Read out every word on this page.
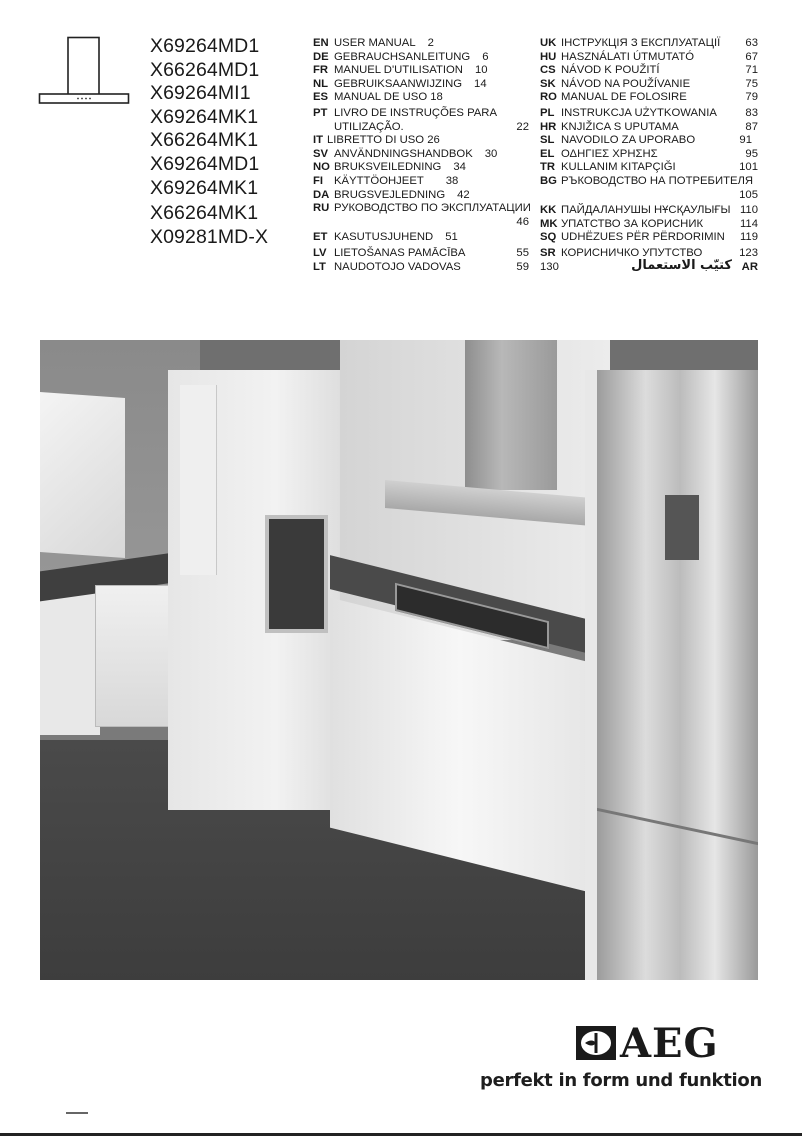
X69264MD1
X66264MD1
X69264MI1
X69264MK1
X66264MK1
X69264MD1
X69264MK1
X66264MK1
X09281MD-X
EN USER MANUAL 2
DE GEBRAUCHSANLEITUNG 6
FR MANUEL D'UTILISATION 10
NL GEBRUIKSAANWIJZING 14
ES MANUAL DE USO 18
PT LIVRO DE INSTRUÇÕES PARA
UTILIZAÇÃO.	22
IT LIBRETTO DI USO 26
SV ANVÄNDNINGSHANDBOK 30
NO BRUKSVEILEDNING 34
FI KÄYTTÖOHJEET 38
DA BRUGSVEJLEDNING 42
RU РУКОВОДСТВО ПО ЭКСПЛУАТАЦИИ
46
ET KASUTUSJUHEND 51
LV LIETOŠANAS PAMĀCĪBA	55
LT NAUDOTOJO VADOVAS	59
UK ІНСТРУКЦІЯ З ЕКСПЛУАТАЦІЇ 63
HU HASZNÁLATI ÚTMUTATÓ	67
CS NÁVOD K POUŽITÍ	71
SK NÁVOD NA POUŽÍVANIE	75
RO MANUAL DE FOLOSIRE	79
PL INSTRUKCJA UŻYTKOWANIA	83
HR KNJIŽICA S UPUTAMA	87
SL NAVODILO ZA UPORABO	91
EL ΟΔΗΓΙΕΣ ΧΡΗΣΗΣ	95
TR KULLANIM KITAPÇIĞI	101
BG РЪКОВОДСТВО НА ПОТРЕБИТЕЛЯ
105
KK ПАЙДАЛАНУШЫ НҰСҚАУЛЫҒЫ 110
MK УПАТСТВО ЗА КОРИСНИК	114
SQ UDHËZUES PËR PËRDORIMIN 119
SR КОРИСНИЧКО УПУТСТВО	123
130	كتيّب الاستعمال AR
AEG
perfekt in form und funktion
